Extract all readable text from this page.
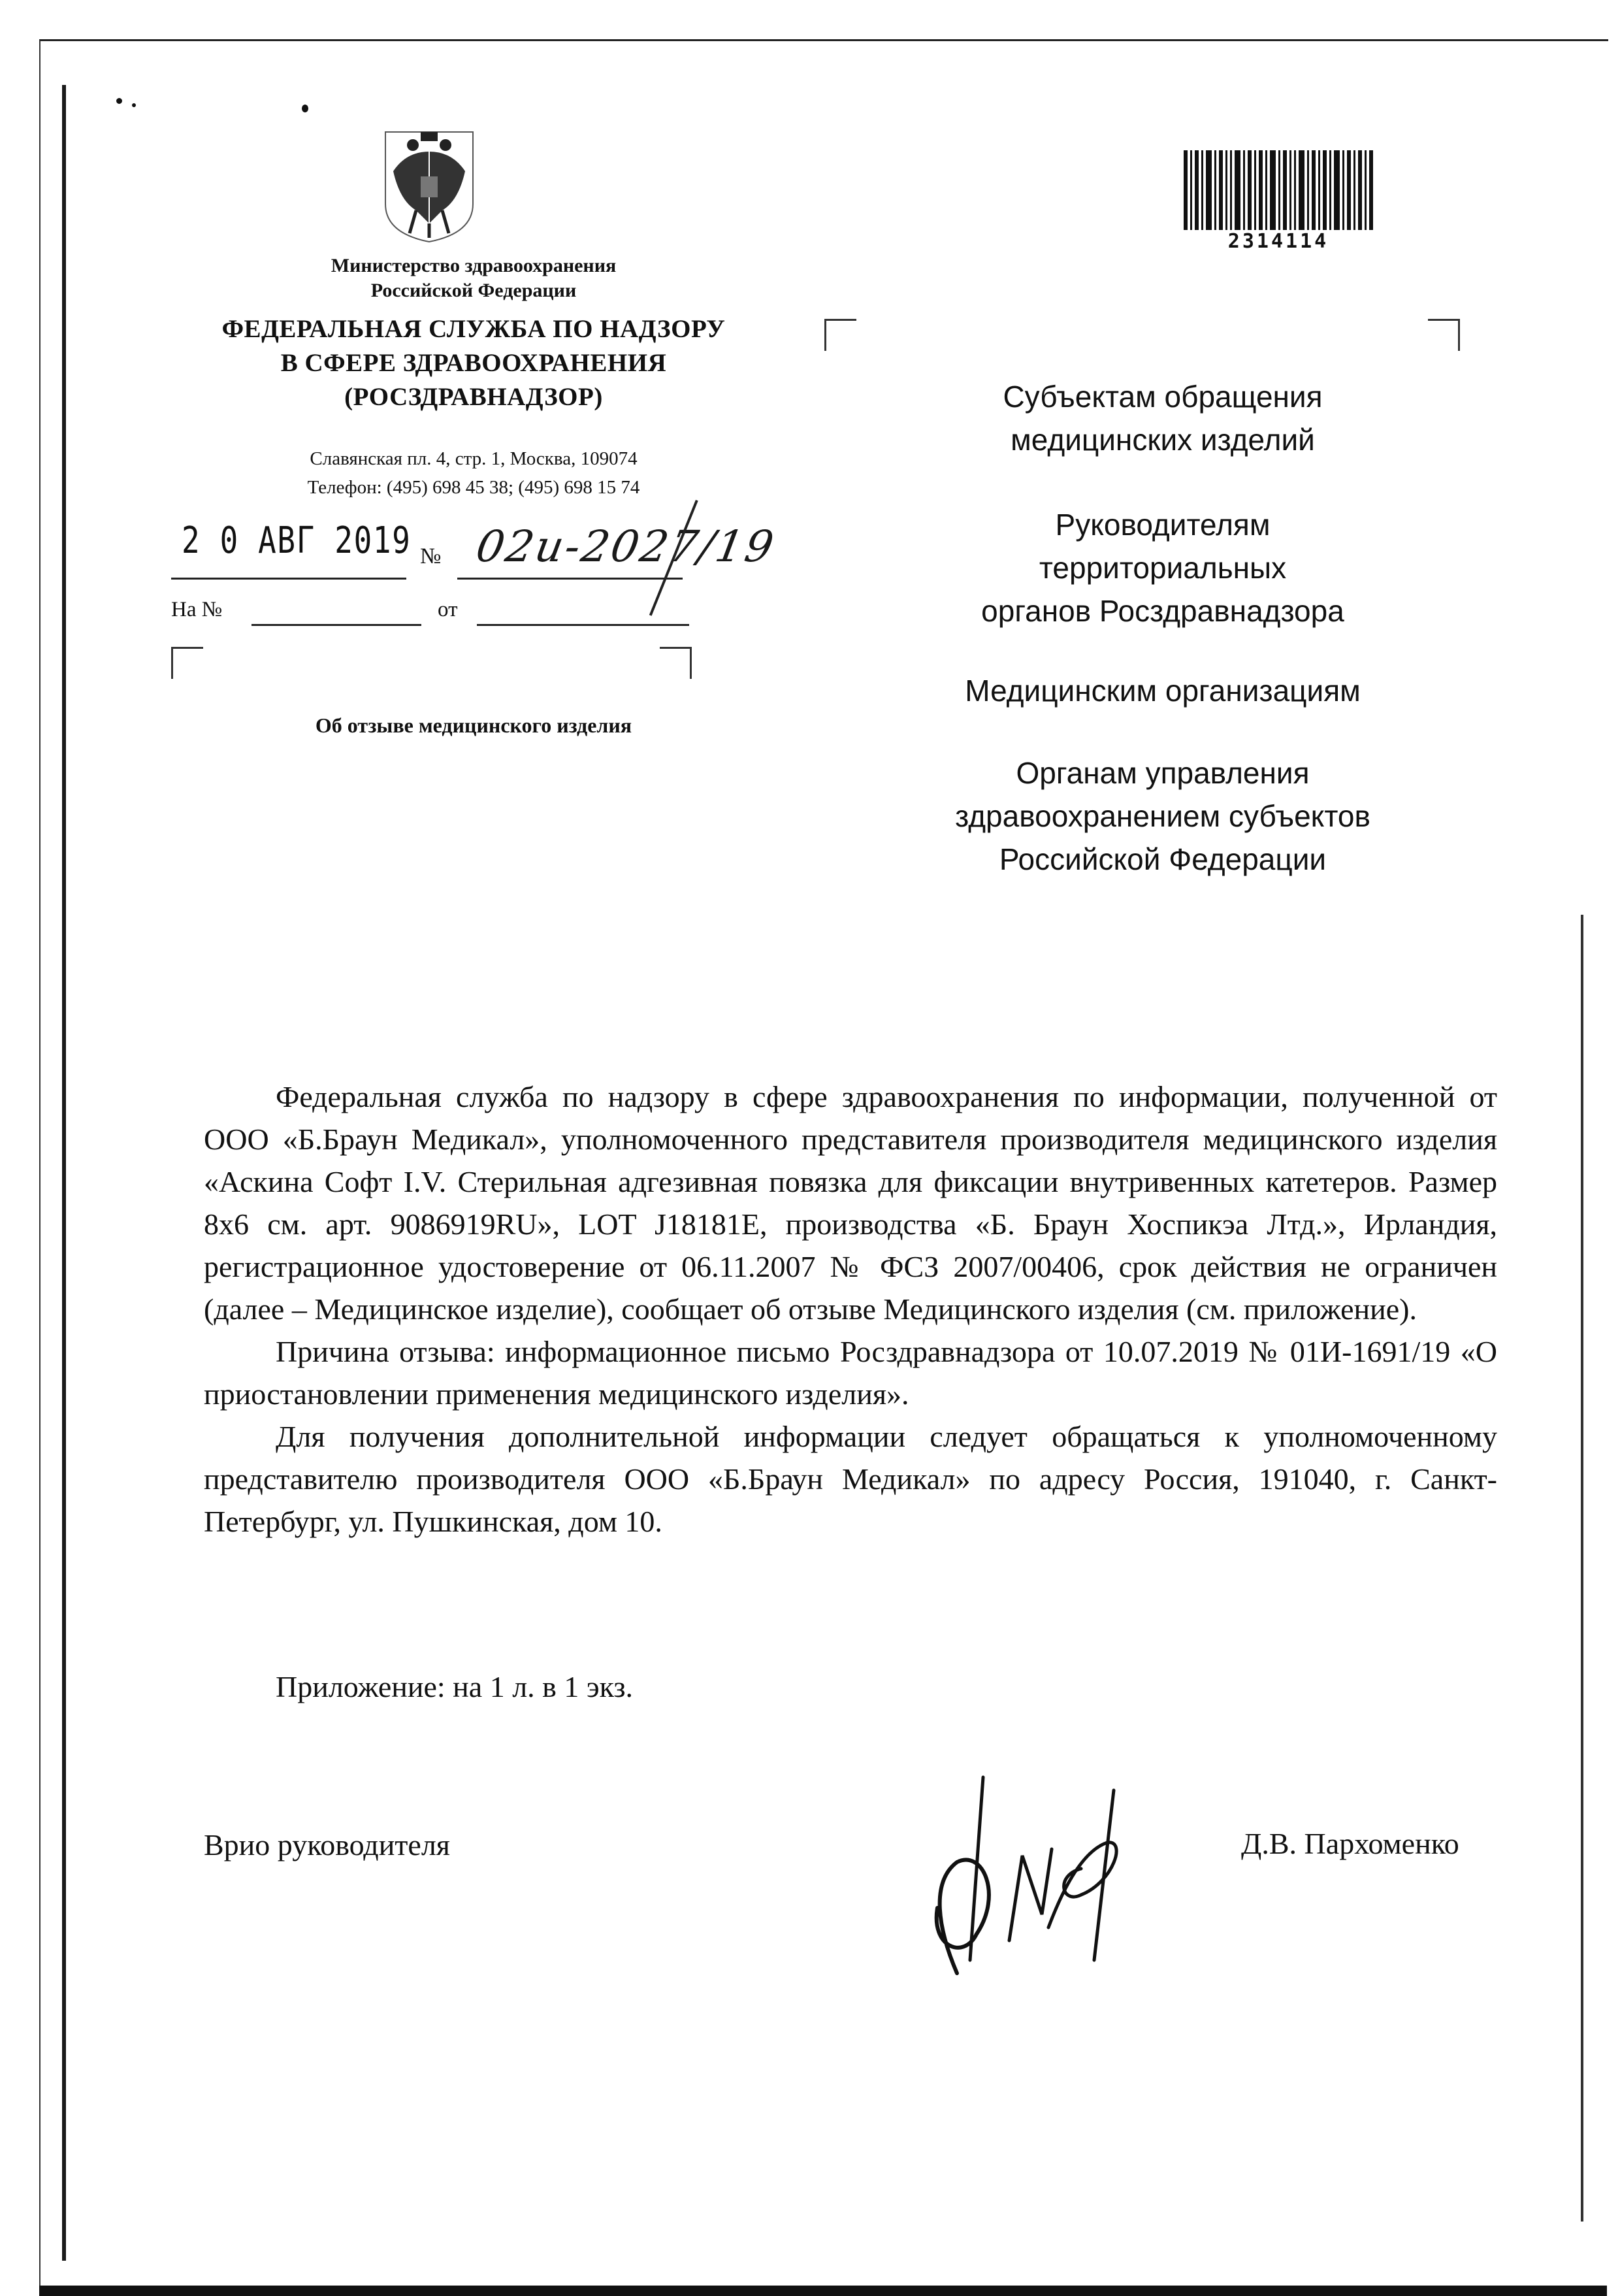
Министерство здравоохранения
Российской Федерации
ФЕДЕРАЛЬНАЯ СЛУЖБА ПО НАДЗОРУ
В СФЕРЕ ЗДРАВООХРАНЕНИЯ
(РОСЗДРАВНАДЗОР)
Славянская пл. 4, стр. 1, Москва, 109074
Телефон: (495) 698 45 38; (495) 698 15 74
2 0 АВГ 2019 № 02и-2027/19
На №	от
Об отзыве медицинского изделия
2314114
Субъектам обращения
медицинских изделий
Руководителям
территориальных
органов Росздравнадзора
Медицинским организациям
Органам управления
здравоохранением субъектов
Российской Федерации

Федеральная служба по надзору в сфере здравоохранения по информации, полученной от ООО «Б.Браун Медикал», уполномоченного представителя производителя медицинского изделия «Аскина Софт I.V. Стерильная адгезивная повязка для фиксации внутривенных катетеров. Размер 8х6 см. арт. 9086919RU», LOT J18181E, производства «Б. Браун Хоспикэа Лтд.», Ирландия, регистрационное удостоверение от 06.11.2007 № ФСЗ 2007/00406, срок действия не ограничен (далее – Медицинское изделие), сообщает об отзыве Медицинского изделия (см. приложение).

Причина отзыва: информационное письмо Росздравнадзора от 10.07.2019 № 01И-1691/19 «О приостановлении применения медицинского изделия».

Для получения дополнительной информации следует обращаться к уполномоченному представителю производителя ООО «Б.Браун Медикал» по адресу Россия, 191040, г. Санкт-Петербург, ул. Пушкинская, дом 10.

Приложение: на 1 л. в 1 экз.
Врио руководителя	Д.В. Пархоменко
